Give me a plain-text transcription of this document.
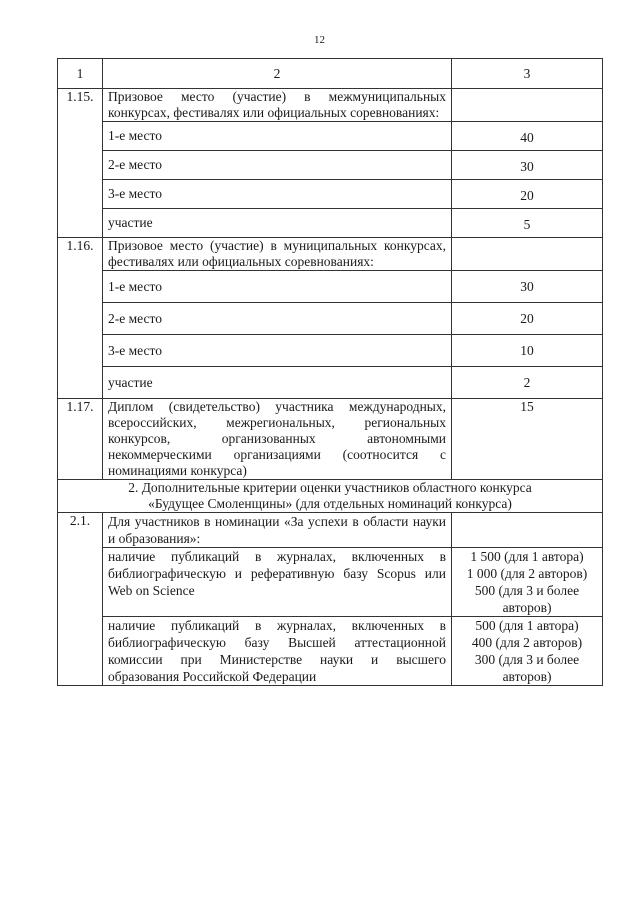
12
1	2	3
1.15.	Призовое место (участие) в межмуниципальных конкурсах, фестивалях или официальных соревнованиях:	
	1-е место	40
	2-е место	30
	3-е место	20
	участие	5
1.16.	Призовое место (участие) в муниципальных конкурсах, фестивалях или официальных соревнованиях:	
	1-е место	30
	2-е место	20
	3-е место	10
	участие	2
1.17.	Диплом (свидетельство) участника международных, всероссийских, межрегиональных, региональных конкурсов, организованных автономными некоммерческими организациями (соотносится с номинациями конкурса)	15

2. Дополнительные критерии оценки участников областного конкурса
«Будущее Смоленщины» (для отдельных номинаций конкурса)		

2.1.	Для участников в номинации «За успехи в области науки и образования»:	
	наличие публикаций в журналах, включенных в библиографическую и реферативную базу Scopus или Web on Science	1 500 (для 1 автора)
1 000 (для 2 авторов)
500 (для 3 и более
авторов)

	наличие публикаций в журналах, включенных в библиографическую базу Высшей аттестационной комиссии при Министерстве науки и высшего образования Российской Федерации	500 (для 1 автора)
400 (для 2 авторов)
300 (для 3 и более
авторов)
